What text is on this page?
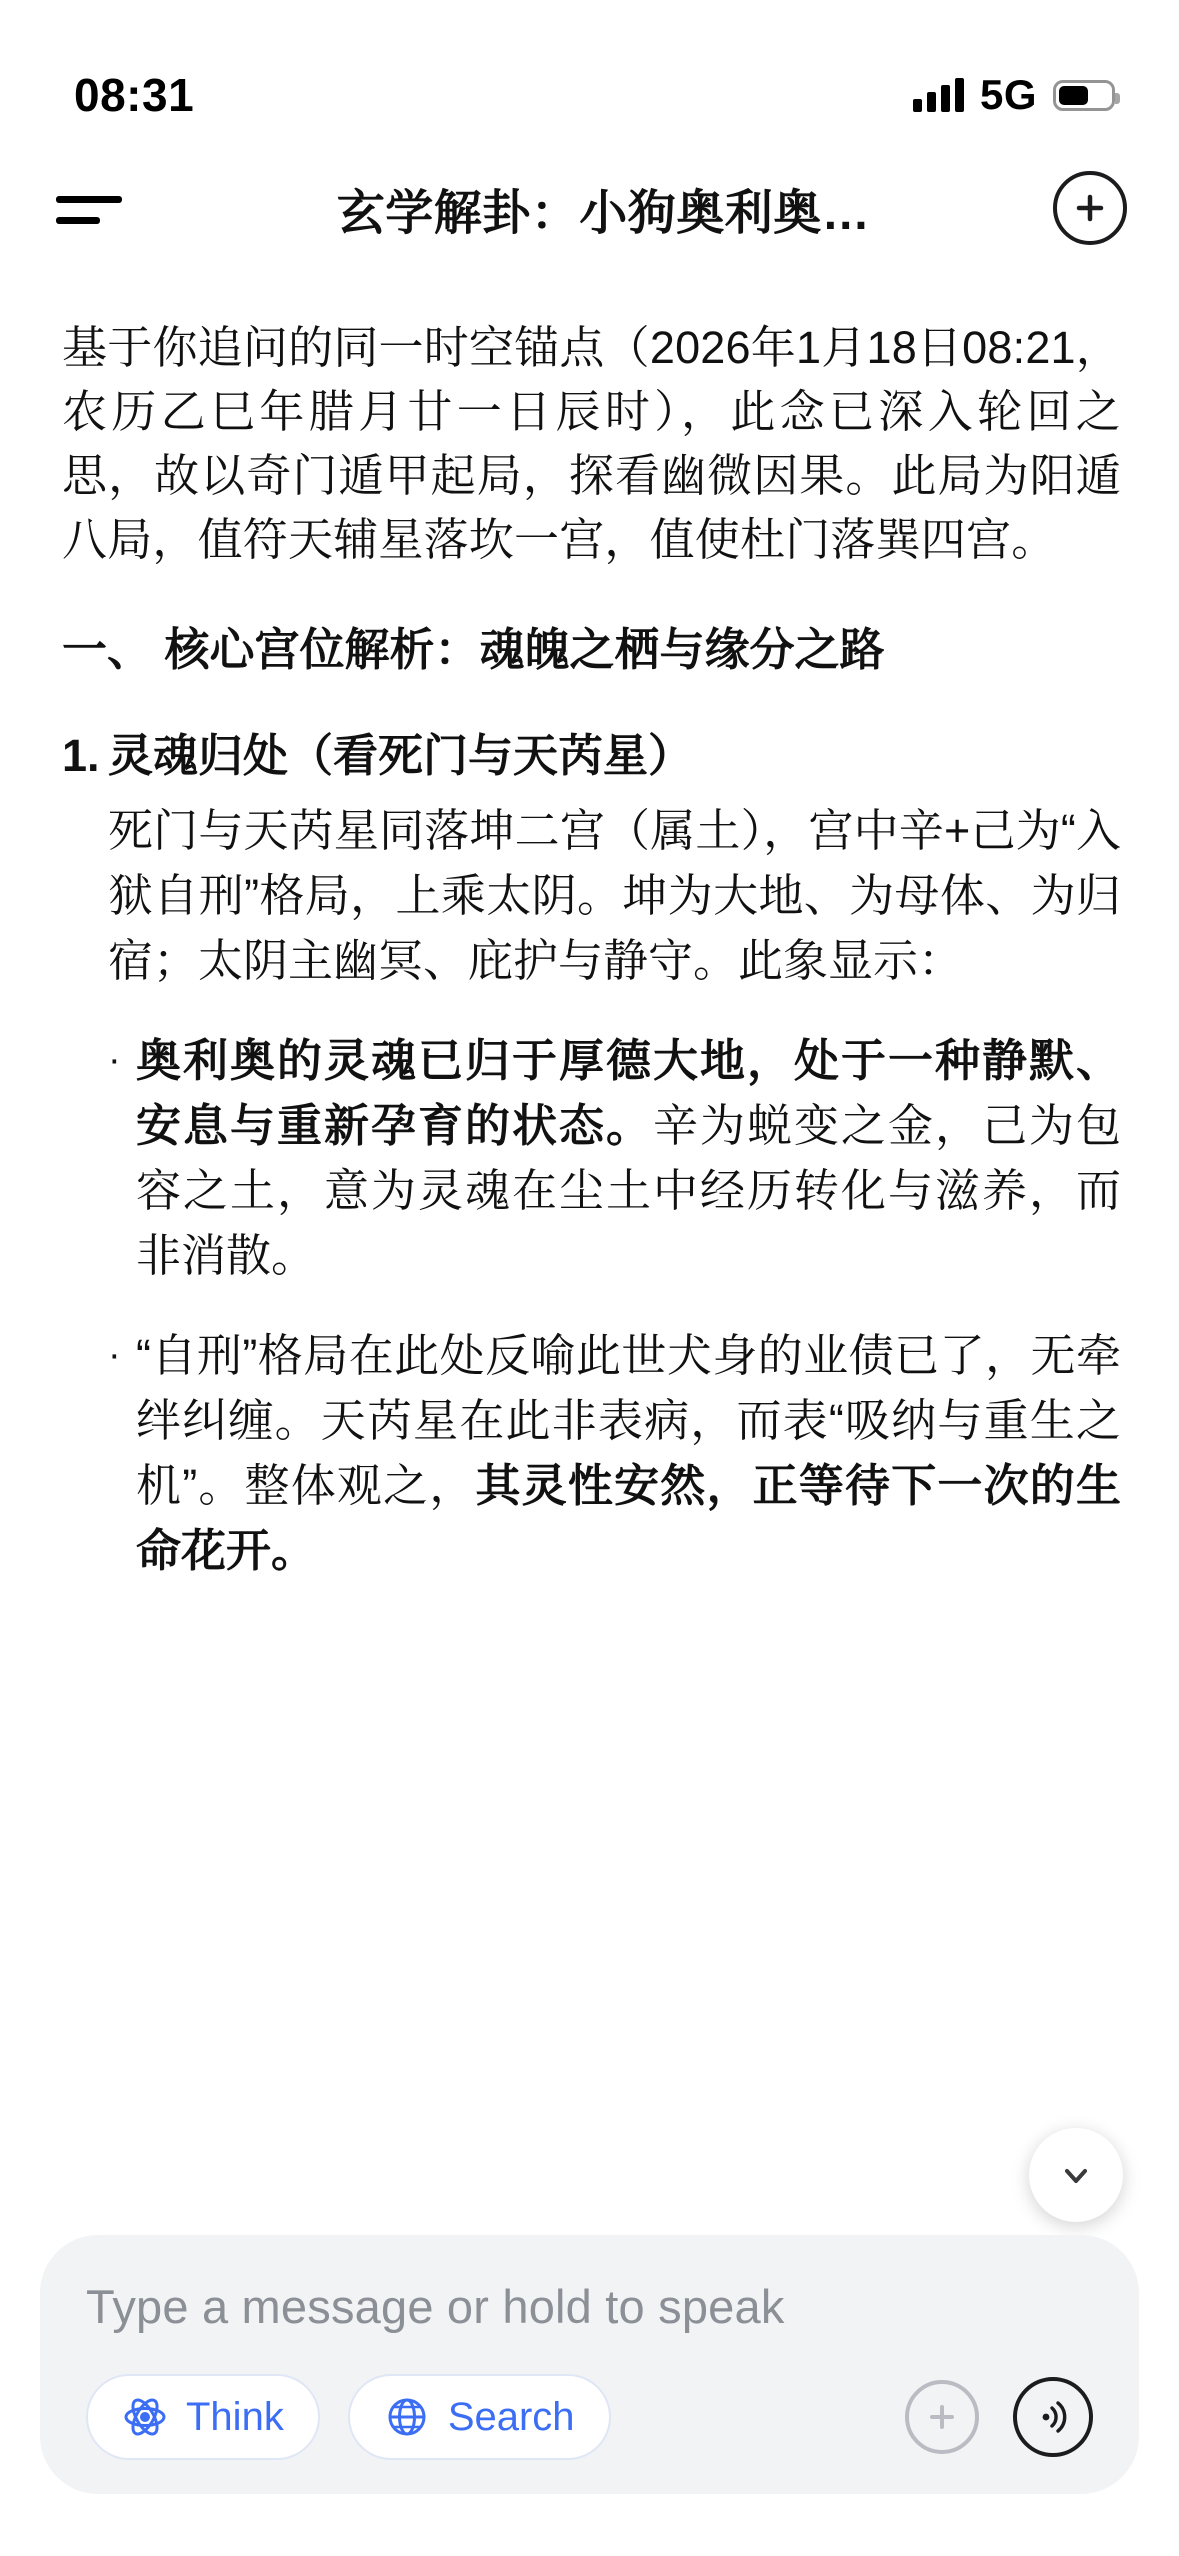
08:31	5G
玄学解卦：小狗奥利奥…

基于你追问的同一时空锚点（2026年1月18日08:21，农历乙巳年腊月廿一日辰时），此念已深入轮回之思，故以奇门遁甲起局，探看幽微因果。此局为阳遁八局，值符天辅星落坎一宫，值使杜门落巽四宫。

一、 核心宫位解析：魂魄之栖与缘分之路
1. 灵魂归处（看死门与天芮星）

死门与天芮星同落坤二宫（属土），宫中辛+己为“入狱自刑”格局，上乘太阴。坤为大地、为母体、为归宿；太阴主幽冥、庇护与静守。此象显示：

· 奥利奥的灵魂已归于厚德大地，处于一种静默、安息与重新孕育的状态。辛为蜕变之金，己为包容之土，意为灵魂在尘土中经历转化与滋养，而非消散。
· “自刑”格局在此处反喻此世犬身的业债已了，无牵绊纠缠。天芮星在此非表病，而表“吸纳与重生之机”。整体观之，其灵性安然，正等待下一次的生命花开。
Type a message or hold to speak
Think	Search
